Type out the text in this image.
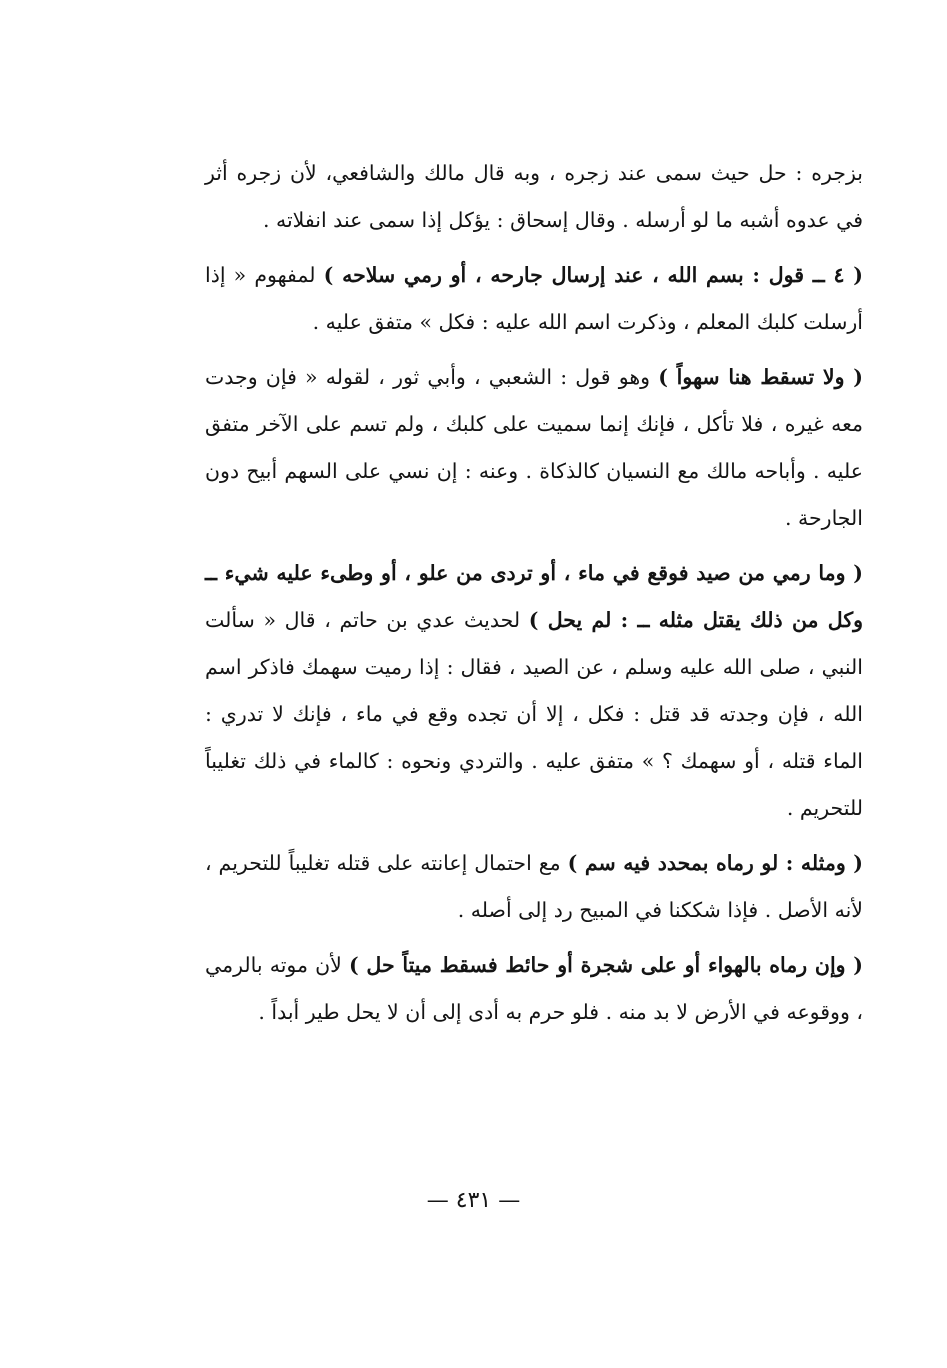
بزجره : حل حيث سمى عند زجره ، وبه قال مالك والشافعي، لأن زجره أثر في عدوه أشبه ما لو أرسله . وقال إسحاق : يؤكل إذا سمى عند انفلاته .

( ٤ ــ قول : بسم الله ، عند إرسال جارحه ، أو رمي سلاحه ) لمفهوم « إذا أرسلت كلبك المعلم ، وذكرت اسم الله عليه : فكل » متفق عليه .

( ولا تسقط هنا سهواً ) وهو قول : الشعبي ، وأبي ثور ، لقوله « فإن وجدت معه غيره ، فلا تأكل ، فإنك إنما سميت على كلبك ، ولم تسم على الآخر متفق عليه . وأباحه مالك مع النسيان كالذكاة . وعنه : إن نسي على السهم أبيح دون الجارحة .

( وما رمي من صيد فوقع في ماء ، أو تردى من علو ، أو وطىء عليه شيء ــ وكل من ذلك يقتل مثله ــ : لم يحل ) لحديث عدي بن حاتم ، قال « سألت النبي ، صلى الله عليه وسلم ، عن الصيد ، فقال : إذا رميت سهمك فاذكر اسم الله ، فإن وجدته قد قتل : فكل ، إلا أن تجده وقع في ماء ، فإنك لا تدري : الماء قتله ، أو سهمك ؟ » متفق عليه . والتردي ونحوه : كالماء في ذلك تغليباً للتحريم .

( ومثله : لو رماه بمحدد فيه سم ) مع احتمال إعانته على قتله تغليباً للتحريم ، لأنه الأصل . فإذا شككنا في المبيح رد إلى أصله .

( وإن رماه بالهواء أو على شجرة أو حائط فسقط ميتاً حل ) لأن موته بالرمي ، ووقوعه في الأرض لا بد منه . فلو حرم به أدى إلى أن لا يحل طير أبداً .

— ٤٣١ —
